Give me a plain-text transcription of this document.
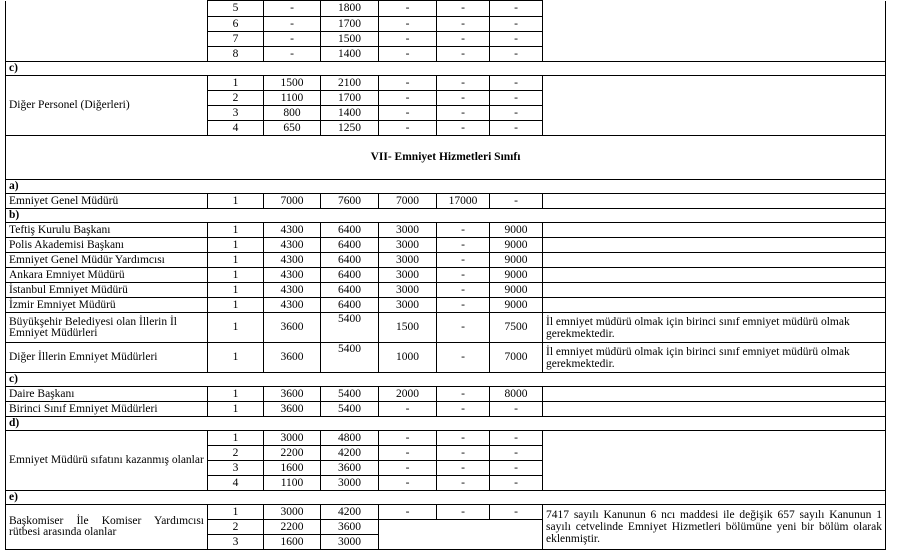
	5	-	1800	-	-	-	
	6	-	1700	-	-	-	
	7	-	1500	-	-	-	
	8	-	1400	-	-	-	
c)							
Diğer Personel (Diğerleri)	1	1500	2100	-	-	-	
	2	1100	1700	-	-	-	
	3	800	1400	-	-	-	
	4	650	1250	-	-	-	
VII- Emniyet Hizmetleri Sınıfı							
a)							
Emniyet Genel Müdürü	1	7000	7600	7000	17000	-	
b)							
Teftiş Kurulu Başkanı	1	4300	6400	3000	-	9000	
Polis Akademisi Başkanı	1	4300	6400	3000	-	9000	
Emniyet Genel Müdür Yardımcısı	1	4300	6400	3000	-	9000	
Ankara Emniyet Müdürü	1	4300	6400	3000	-	9000	
İstanbul Emniyet Müdürü	1	4300	6400	3000	-	9000	
İzmir Emniyet Müdürü	1	4300	6400	3000	-	9000	
Büyükşehir Belediyesi olan İllerin İl Emniyet Müdürleri	1	3600	5400	1500	-	7500	İl emniyet müdürü olmak için birinci sınıf emniyet müdürü olmak gerekmektedir.
Diğer İllerin Emniyet Müdürleri	1	3600	5400	1000	-	7000	İl emniyet müdürü olmak için birinci sınıf emniyet müdürü olmak gerekmektedir.
c)							
Daire Başkanı	1	3600	5400	2000	-	8000	
Birinci Sınıf Emniyet Müdürleri	1	3600	5400	-	-	-	
d)							
Emniyet Müdürü sıfatını kazanmış olanlar	1	3000	4800	-	-	-	
	2	2200	4200	-	-	-	
	3	1600	3600	-	-	-	
	4	1100	3000	-	-	-	
e)							
Başkomiser İle Komiser Yardımcısı rütbesi arasında olanlar	1	3000	4200	-	-	-	7417 sayılı Kanunun 6 ncı maddesi ile değişik 657 sayılı Kanunun 1 sayılı cetvelinde Emniyet Hizmetleri bölümüne yeni bir bölüm olarak eklenmiştir.
	2	2200	3600				
	3	1600	3000				
